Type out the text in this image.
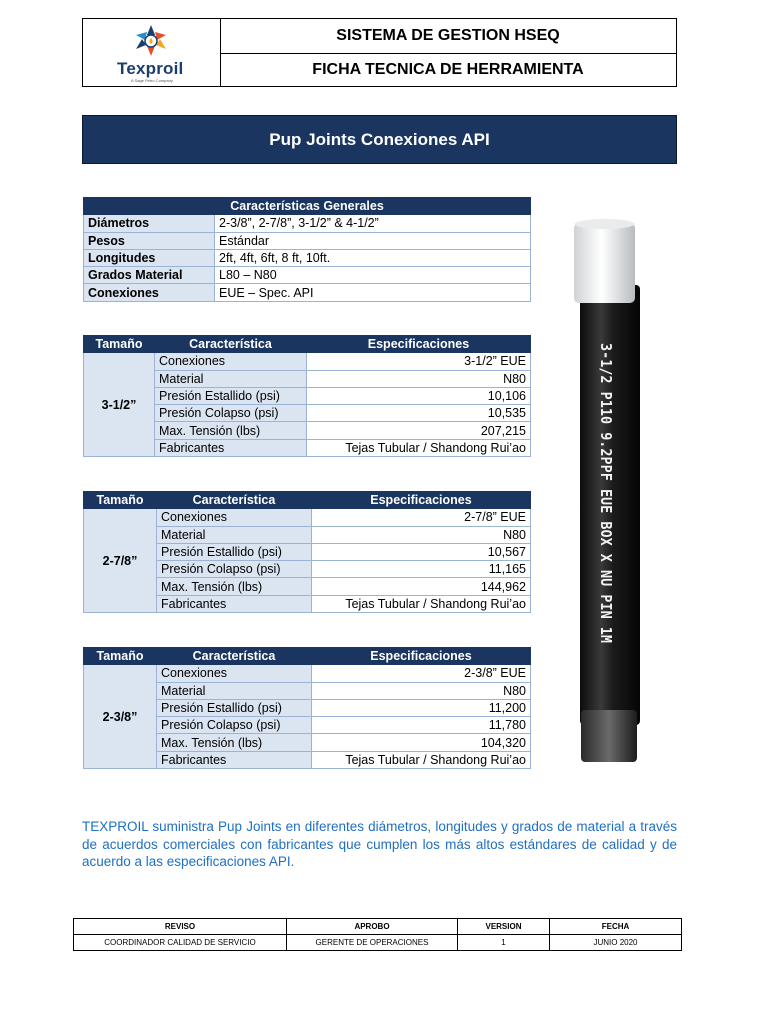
Texproil
A Sage Petro Company
SISTEMA DE GESTION HSEQ
FICHA TECNICA DE HERRAMIENTA
Pup Joints Conexiones API
Características Generales	
Diámetros	2-3/8”, 2-7/8”, 3-1/2” & 4-1/2”
Pesos	Estándar
Longitudes	2ft, 4ft, 6ft, 8 ft, 10ft.
Grados Material	L80 – N80
Conexiones	EUE – Spec. API
Tamaño	Característica	Especificaciones
3-1/2”	Conexiones	3-1/2” EUE
	Material	N80
	Presión Estallido (psi)	10,106
	Presión Colapso (psi)	10,535
	Max. Tensión (lbs)	207,215
	Fabricantes	Tejas Tubular / Shandong Rui’ao
Tamaño	Característica	Especificaciones
2-7/8”	Conexiones	2-7/8” EUE
	Material	N80
	Presión Estallido (psi)	10,567
	Presión Colapso (psi)	11,165
	Max. Tensión (lbs)	144,962
	Fabricantes	Tejas Tubular / Shandong Rui’ao
Tamaño	Característica	Especificaciones
2-3/8”	Conexiones	2-3/8” EUE
	Material	N80
	Presión Estallido (psi)	11,200
	Presión Colapso (psi)	11,780
	Max. Tensión (lbs)	104,320
	Fabricantes	Tejas Tubular / Shandong Rui’ao
3-1/2 P110 9.2PPF EUE BOX X NU PIN 1M
TEXPROIL suministra Pup Joints en diferentes diámetros, longitudes y grados de material a través de acuerdos comerciales con fabricantes que cumplen los más altos estándares de calidad y de acuerdo a las especificaciones API.
REVISO	APROBO	VERSION	FECHA
COORDINADOR CALIDAD DE SERVICIO	GERENTE DE OPERACIONES	1	JUNIO 2020
